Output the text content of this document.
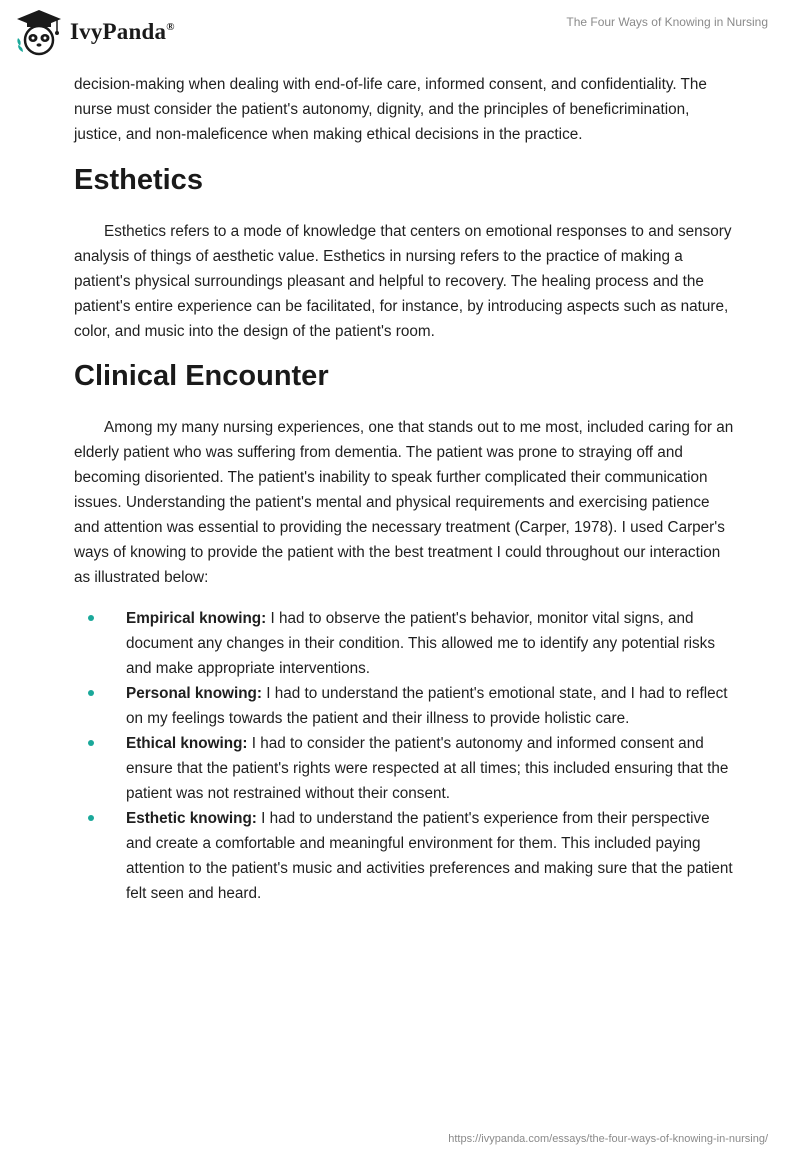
IvyPanda®	The Four Ways of Knowing in Nursing

decision-making when dealing with end-of-life care, informed consent, and confidentiality. The nurse must consider the patient's autonomy, dignity, and the principles of beneficrimination, justice, and non-maleficence when making ethical decisions in the practice.

Esthetics

Esthetics refers to a mode of knowledge that centers on emotional responses to and sensory analysis of things of aesthetic value. Esthetics in nursing refers to the practice of making a patient's physical surroundings pleasant and helpful to recovery. The healing process and the patient's entire experience can be facilitated, for instance, by introducing aspects such as nature, color, and music into the design of the patient's room.

Clinical Encounter

Among my many nursing experiences, one that stands out to me most, included caring for an elderly patient who was suffering from dementia. The patient was prone to straying off and becoming disoriented. The patient's inability to speak further complicated their communication issues. Understanding the patient's mental and physical requirements and exercising patience and attention was essential to providing the necessary treatment (Carper, 1978). I used Carper's ways of knowing to provide the patient with the best treatment I could throughout our interaction as illustrated below:

Empirical knowing: I had to observe the patient's behavior, monitor vital signs, and document any changes in their condition. This allowed me to identify any potential risks and make appropriate interventions.
Personal knowing: I had to understand the patient's emotional state, and I had to reflect on my feelings towards the patient and their illness to provide holistic care.
Ethical knowing: I had to consider the patient's autonomy and informed consent and ensure that the patient's rights were respected at all times; this included ensuring that the patient was not restrained without their consent.
Esthetic knowing: I had to understand the patient's experience from their perspective and create a comfortable and meaningful environment for them. This included paying attention to the patient's music and activities preferences and making sure that the patient felt seen and heard.
https://ivypanda.com/essays/the-four-ways-of-knowing-in-nursing/
